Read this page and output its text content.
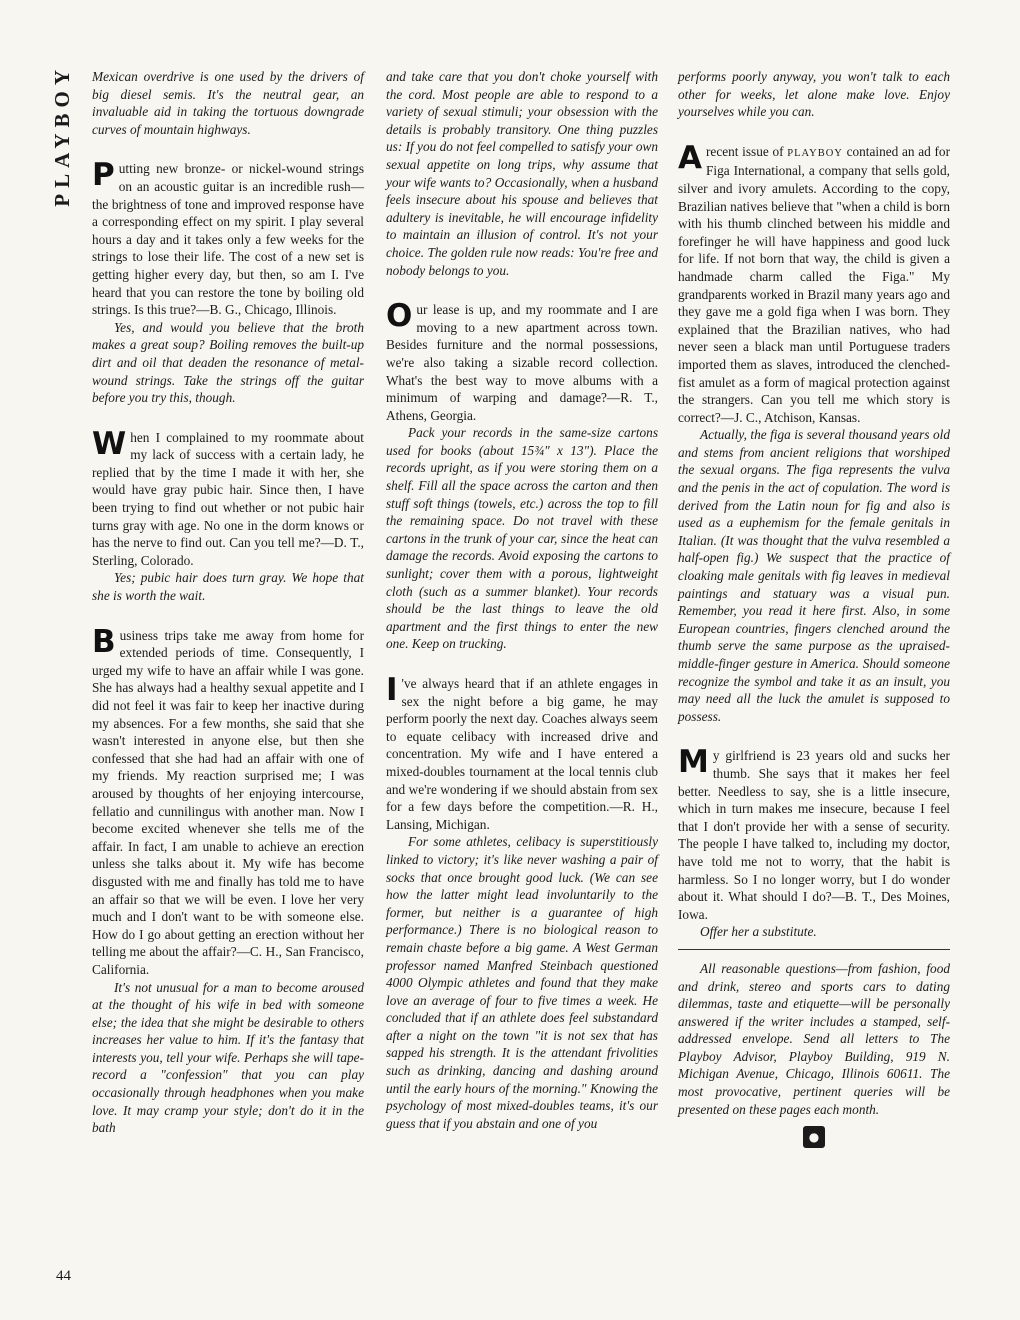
PLAYBOY
44

Mexican overdrive is one used by the drivers of big diesel semis. It's the neutral gear, an invaluable aid in taking the tortuous downgrade curves of mountain highways.

Putting new bronze- or nickel-wound strings on an acoustic guitar is an incredible rush—the brightness of tone and improved response have a corresponding effect on my spirit. I play several hours a day and it takes only a few weeks for the strings to lose their life. The cost of a new set is getting higher every day, but then, so am I. I've heard that you can restore the tone by boiling old strings. Is this true?—B. G., Chicago, Illinois.

Yes, and would you believe that the broth makes a great soup? Boiling removes the built-up dirt and oil that deaden the resonance of metal-wound strings. Take the strings off the guitar before you try this, though.

When I complained to my roommate about my lack of success with a certain lady, he replied that by the time I made it with her, she would have gray pubic hair. Since then, I have been trying to find out whether or not pubic hair turns gray with age. No one in the dorm knows or has the nerve to find out. Can you tell me?—D. T., Sterling, Colorado.

Yes; pubic hair does turn gray. We hope that she is worth the wait.

Business trips take me away from home for extended periods of time. Consequently, I urged my wife to have an affair while I was gone. She has always had a healthy sexual appetite and I did not feel it was fair to keep her inactive during my absences. For a few months, she said that she wasn't interested in anyone else, but then she confessed that she had had an affair with one of my friends. My reaction surprised me; I was aroused by thoughts of her enjoying intercourse, fellatio and cunnilingus with another man. Now I become excited whenever she tells me of the affair. In fact, I am unable to achieve an erection unless she talks about it. My wife has become disgusted with me and finally has told me to have an affair so that we will be even. I love her very much and I don't want to be with someone else. How do I go about getting an erection without her telling me about the affair?—C. H., San Francisco, California.

It's not unusual for a man to become aroused at the thought of his wife in bed with someone else; the idea that she might be desirable to others increases her value to him. If it's the fantasy that interests you, tell your wife. Perhaps she will tape-record a "confession" that you can play occasionally through headphones when you make love. It may cramp your style; don't do it in the bath

and take care that you don't choke yourself with the cord. Most people are able to respond to a variety of sexual stimuli; your obsession with the details is probably transitory. One thing puzzles us: If you do not feel compelled to satisfy your own sexual appetite on long trips, why assume that your wife wants to? Occasionally, when a husband feels insecure about his spouse and believes that adultery is inevitable, he will encourage infidelity to maintain an illusion of control. It's not your choice. The golden rule now reads: You're free and nobody belongs to you.

Our lease is up, and my roommate and I are moving to a new apartment across town. Besides furniture and the normal possessions, we're also taking a sizable record collection. What's the best way to move albums with a minimum of warping and damage?—R. T., Athens, Georgia.

Pack your records in the same-size cartons used for books (about 15¾" x 13"). Place the records upright, as if you were storing them on a shelf. Fill all the space across the carton and then stuff soft things (towels, etc.) across the top to fill the remaining space. Do not travel with these cartons in the trunk of your car, since the heat can damage the records. Avoid exposing the cartons to sunlight; cover them with a porous, lightweight cloth (such as a summer blanket). Your records should be the last things to leave the old apartment and the first things to enter the new one. Keep on trucking.

I 've always heard that if an athlete engages in sex the night before a big game, he may perform poorly the next day. Coaches always seem to equate celibacy with increased drive and concentration. My wife and I have entered a mixed-doubles tournament at the local tennis club and we're wondering if we should abstain from sex for a few days before the competition.—R. H., Lansing, Michigan.

For some athletes, celibacy is superstitiously linked to victory; it's like never washing a pair of socks that once brought good luck. (We can see how the latter might lead involuntarily to the former, but neither is a guarantee of high performance.) There is no biological reason to remain chaste before a big game. A West German professor named Manfred Steinbach questioned 4000 Olympic athletes and found that they make love an average of four to five times a week. He concluded that if an athlete does feel substandard after a night on the town "it is not sex that has sapped his strength. It is the attendant frivolities such as drinking, dancing and dashing around until the early hours of the morning." Knowing the psychology of most mixed-doubles teams, it's our guess that if you abstain and one of you

performs poorly anyway, you won't talk to each other for weeks, let alone make love. Enjoy yourselves while you can.

A recent issue of PLAYBOY contained an ad for Figa International, a company that sells gold, silver and ivory amulets. According to the copy, Brazilian natives believe that "when a child is born with his thumb clinched between his middle and forefinger he will have happiness and good luck for life. If not born that way, the child is given a handmade charm called the Figa." My grandparents worked in Brazil many years ago and they gave me a gold figa when I was born. They explained that the Brazilian natives, who had never seen a black man until Portuguese traders imported them as slaves, introduced the clenched-fist amulet as a form of magical protection against the strangers. Can you tell me which story is correct?—J. C., Atchison, Kansas.

Actually, the figa is several thousand years old and stems from ancient religions that worshiped the sexual organs. The figa represents the vulva and the penis in the act of copulation. The word is derived from the Latin noun for fig and also is used as a euphemism for the female genitals in Italian. (It was thought that the vulva resembled a half-open fig.) We suspect that the practice of cloaking male genitals with fig leaves in medieval paintings and statuary was a visual pun. Remember, you read it here first. Also, in some European countries, fingers clenched around the thumb serve the same purpose as the upraised-middle-finger gesture in America. Should someone recognize the symbol and take it as an insult, you may need all the luck the amulet is supposed to possess.

My girlfriend is 23 years old and sucks her thumb. She says that it makes her feel better. Needless to say, she is a little insecure, which in turn makes me insecure, because I feel that I don't provide her with a sense of security. The people I have talked to, including my doctor, have told me not to worry, that the habit is harmless. So I no longer worry, but I do wonder about it. What should I do?—B. T., Des Moines, Iowa.

Offer her a substitute.

All reasonable questions—from fashion, food and drink, stereo and sports cars to dating dilemmas, taste and etiquette—will be personally answered if the writer includes a stamped, self-addressed envelope. Send all letters to The Playboy Advisor, Playboy Building, 919 N. Michigan Avenue, Chicago, Illinois 60611. The most provocative, pertinent queries will be presented on these pages each month.

●
